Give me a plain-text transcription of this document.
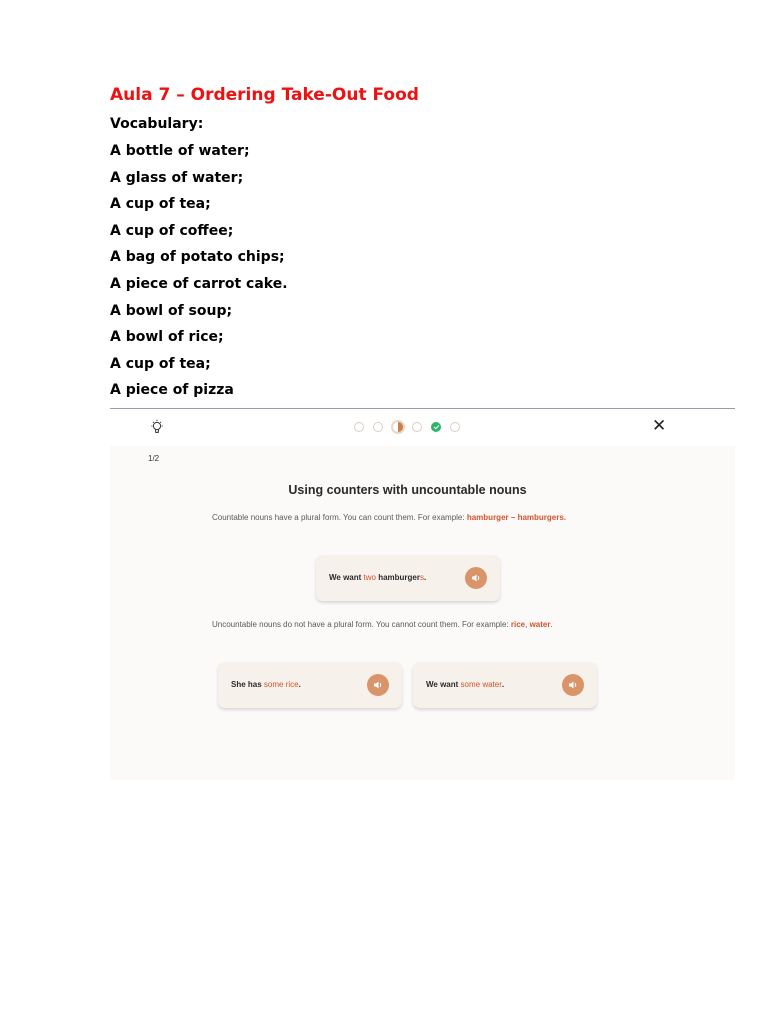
Aula 7 – Ordering Take-Out Food
Vocabulary:
A bottle of water;
A glass of water;
A cup of tea;
A cup of coffee;
A bag of potato chips;
A piece of carrot cake.
A bowl of soup;
A bowl of rice;
A cup of tea;
A piece of pizza
✕
1/2
Using counters with uncountable nouns
Countable nouns have a plural form. You can count them. For example: hamburger – hamburgers.
We want two hamburgers.
Uncountable nouns do not have a plural form. You cannot count them. For example: rice, water.
She has some rice.	We want some water.
